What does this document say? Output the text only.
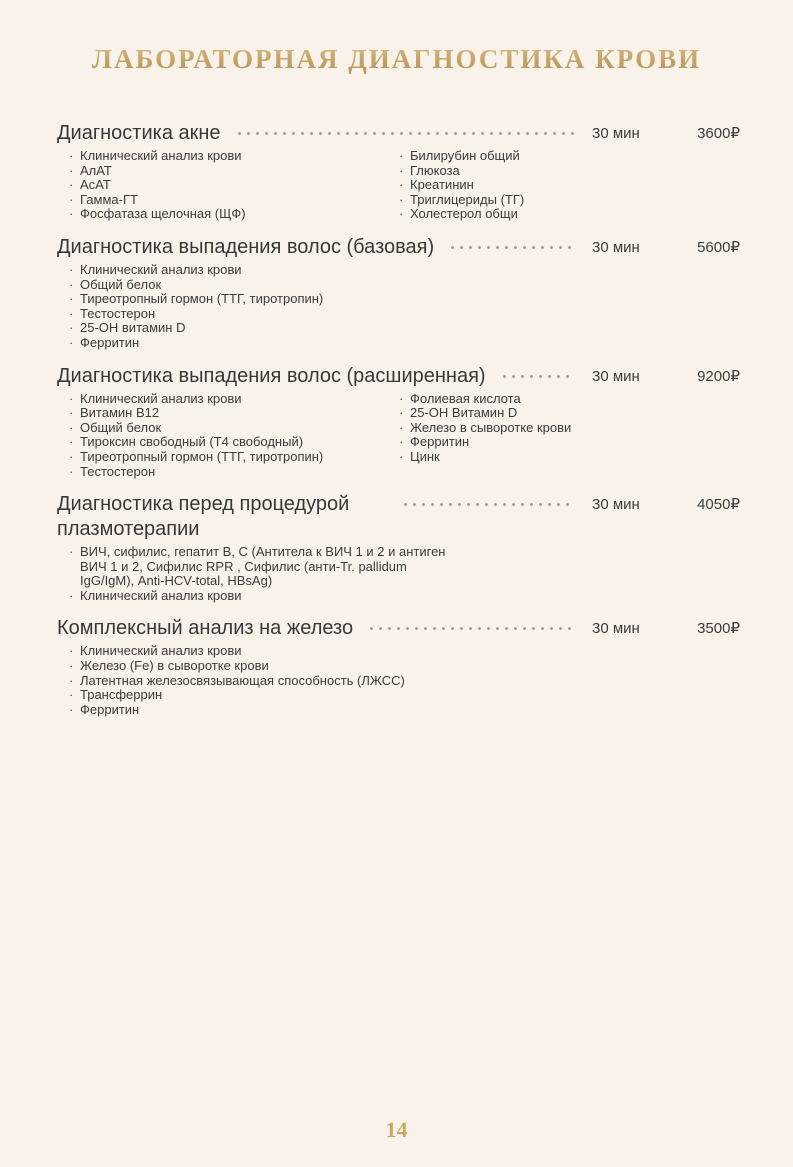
ЛАБОРАТОРНАЯ ДИАГНОСТИКА КРОВИ
Диагностика акне	30 мин	3600₽
· Клинический анализ крови
· АлАТ
· АсАТ
· Гамма-ГТ
· Фосфатаза щелочная (ЩФ)
· Билирубин общий
· Глюкоза
· Креатинин
· Триглицериды (ТГ)
· Холестерол общи
Диагностика выпадения волос (базовая)	30 мин	5600₽
· Клинический анализ крови
· Общий белок
· Тиреотропный гормон (ТТГ, тиротропин)
· Тестостерон
· 25-ОН витамин D
· Ферритин
Диагностика выпадения волос (расширенная)	30 мин	9200₽
· Клинический анализ крови
· Витамин B12
· Общий белок
· Тироксин свободный (Т4 свободный)
· Тиреотропный гормон (ТТГ, тиротропин)
· Тестостерон
· Фолиевая кислота
· 25-ОН Витамин D
· Железо в сыворотке крови
· Ферритин
· Цинк
Диагностика перед процедурой плазмотерапии
30 мин	4050₽
· ВИЧ, сифилис, гепатит B, C (Антитела к ВИЧ 1 и 2 и антиген ВИЧ 1 и 2, Сифилис RPR , Сифилис (анти-Tr. pallidum IgG/IgM), Anti-HCV-total, HBsAg)
· Клинический анализ крови
Комплексный анализ на железо	30 мин	3500₽
· Клинический анализ крови
· Железо (Fe) в сыворотке крови
· Латентная железосвязывающая способность (ЛЖСС)
· Трансферрин
· Ферритин
14
